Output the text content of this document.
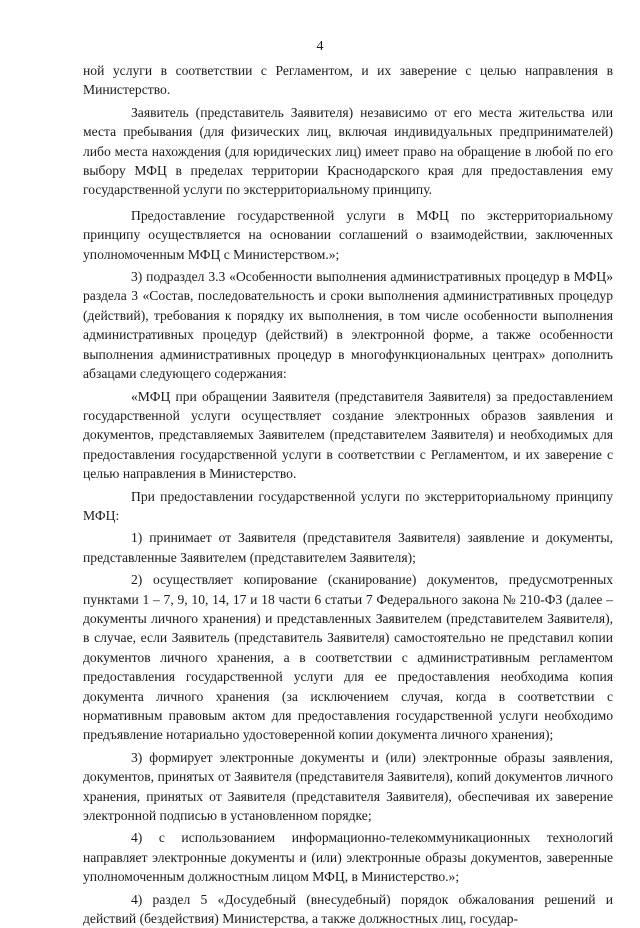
4

ной услуги в соответствии с Регламентом, и их заверение с целью направления в Министерство.

Заявитель (представитель Заявителя) независимо от его места жительства или места пребывания (для физических лиц, включая индивидуальных предпринимателей) либо места нахождения (для юридических лиц) имеет право на обращение в любой по его выбору МФЦ в пределах территории Краснодарского края для предоставления ему государственной услуги по экстерриториальному принципу.

Предоставление государственной услуги в МФЦ по экстерриториальному принципу осуществляется на основании соглашений о взаимодействии, заключенных уполномоченным МФЦ с Министерством.»;

3) подраздел 3.3 «Особенности выполнения административных процедур в МФЦ» раздела 3 «Состав, последовательность и сроки выполнения административных процедур (действий), требования к порядку их выполнения, в том числе особенности выполнения административных процедур (действий) в электронной форме, а также особенности выполнения административных процедур в многофункциональных центрах» дополнить абзацами следующего содержания:

«МФЦ при обращении Заявителя (представителя Заявителя) за предоставлением государственной услуги осуществляет создание электронных образов заявления и документов, представляемых Заявителем (представителем Заявителя) и необходимых для предоставления государственной услуги в соответствии с Регламентом, и их заверение с целью направления в Министерство.

При предоставлении государственной услуги по экстерриториальному принципу МФЦ:

1) принимает от Заявителя (представителя Заявителя) заявление и документы, представленные Заявителем (представителем Заявителя);

2) осуществляет копирование (сканирование) документов, предусмотренных пунктами 1 – 7, 9, 10, 14, 17 и 18 части 6 статьи 7 Федерального закона № 210-ФЗ (далее – документы личного хранения) и представленных Заявителем (представителем Заявителя), в случае, если Заявитель (представитель Заявителя) самостоятельно не представил копии документов личного хранения, а в соответствии с административным регламентом предоставления государственной услуги для ее предоставления необходима копия документа личного хранения (за исключением случая, когда в соответствии с нормативным правовым актом для предоставления государственной услуги необходимо предъявление нотариально удостоверенной копии документа личного хранения);

3) формирует электронные документы и (или) электронные образы заявления, документов, принятых от Заявителя (представителя Заявителя), копий документов личного хранения, принятых от Заявителя (представителя Заявителя), обеспечивая их заверение электронной подписью в установленном порядке;

4) с использованием информационно-телекоммуникационных технологий направляет электронные документы и (или) электронные образы документов, заверенные уполномоченным должностным лицом МФЦ, в Министерство.»;

4) раздел 5 «Досудебный (внесудебный) порядок обжалования решений и действий (бездействия) Министерства, а также должностных лиц, государ-
